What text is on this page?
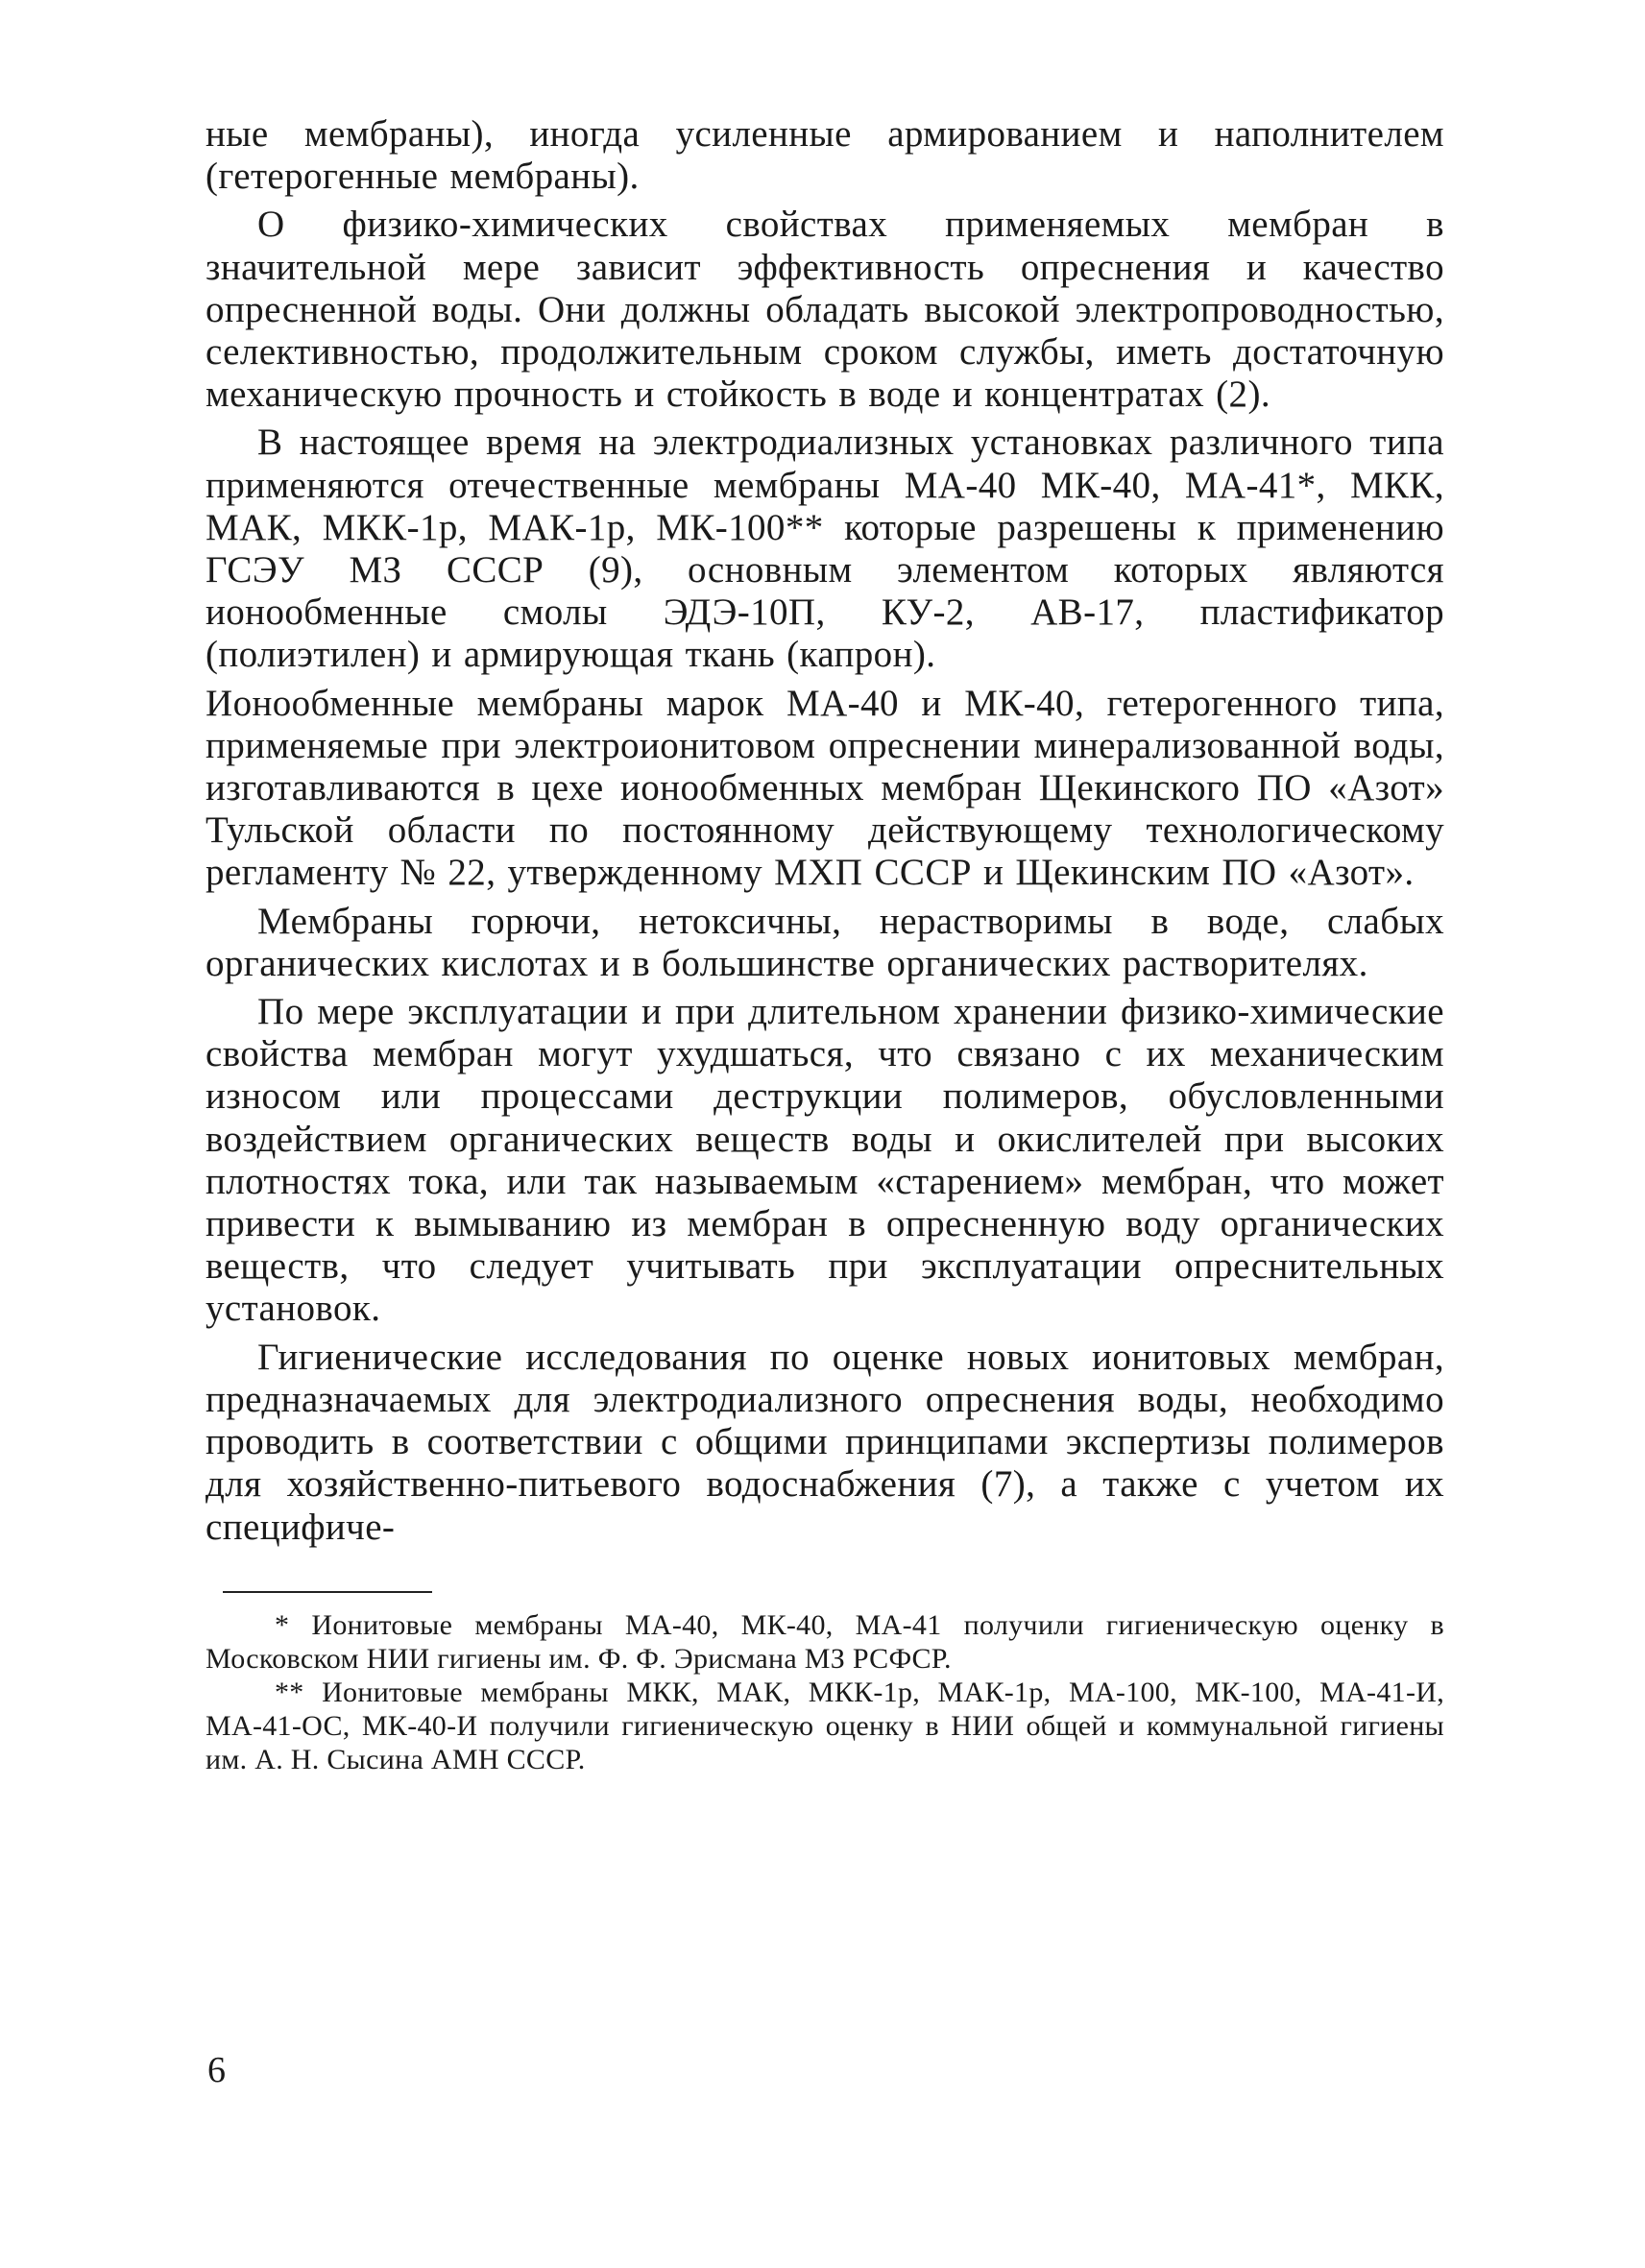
ные мембраны), иногда усиленные армированием и наполнителем (гетерогенные мембраны).

О физико-химических свойствах применяемых мембран в значительной мере зависит эффективность опреснения и качество опресненной воды. Они должны обладать высокой электропроводностью, селективностью, продолжительным сроком службы, иметь достаточную механическую прочность и стойкость в воде и концентратах (2).

В настоящее время на электродиализных установках различного типа применяются отечественные мембраны МА-40 МК-40, МА-41*, МКК, МАК, МКК-1р, МАК-1р, МК-100** которые разрешены к применению ГСЭУ МЗ СССР (9), основным элементом которых являются ионообменные смолы ЭДЭ-10П, КУ-2, АВ-17, пластификатор (полиэтилен) и армирующая ткань (капрон).

Ионообменные мембраны марок МА-40 и МК-40, гетерогенного типа, применяемые при электроионитовом опреснении минерализованной воды, изготавливаются в цехе ионообменных мембран Щекинского ПО «Азот» Тульской области по постоянному действующему технологическому регламенту № 22, утвержденному МХП СССР и Щекинским ПО «Азот».

Мембраны горючи, нетоксичны, нерастворимы в воде, слабых органических кислотах и в большинстве органических растворителях.

По мере эксплуатации и при длительном хранении физико-химические свойства мембран могут ухудшаться, что связано с их механическим износом или процессами деструкции полимеров, обусловленными воздействием органических веществ воды и окислителей при высоких плотностях тока, или так называемым «старением» мембран, что может привести к вымыванию из мембран в опресненную воду органических веществ, что следует учитывать при эксплуатации опреснительных установок.

Гигиенические исследования по оценке новых ионитовых мембран, предназначаемых для электродиализного опреснения воды, необходимо проводить в соответствии с общими принципами экспертизы полимеров для хозяйственно-питьевого водоснабжения (7), а также с учетом их специфиче-

* Ионитовые мембраны МА-40, МК-40, МА-41 получили гигиеническую оценку в Московском НИИ гигиены им. Ф. Ф. Эрисмана МЗ РСФСР.

** Ионитовые мембраны МКК, МАК, МКК-1р, МАК-1р, МА-100, МК-100, МА-41-И, МА-41-ОС, МК-40-И получили гигиеническую оценку в НИИ общей и коммунальной гигиены им. А. Н. Сысина АМН СССР.

6
